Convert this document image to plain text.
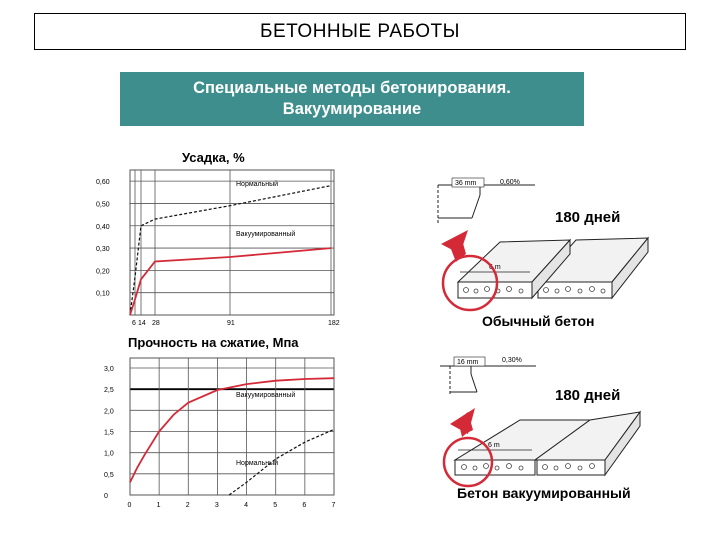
БЕТОННЫЕ РАБОТЫ
Специальные методы бетонирования.
Вакуумирование
Усадка, %
0,60
0,50
0,40
0,30
0,20
0,10
6 14 28	91	182
Нормальный
Вакуумированный
Прочность на сжатие, Мпа
3,0
2,5
2,0
1,5
1,0
0,5
0
0	1	2	3	4	5	6	7
Вакуумированный
Нормальный
36 mm	0,60%
180 дней
6 m
Обычный бетон
16 mm	0,30%
180 дней
6 m
Бетон вакуумированный
